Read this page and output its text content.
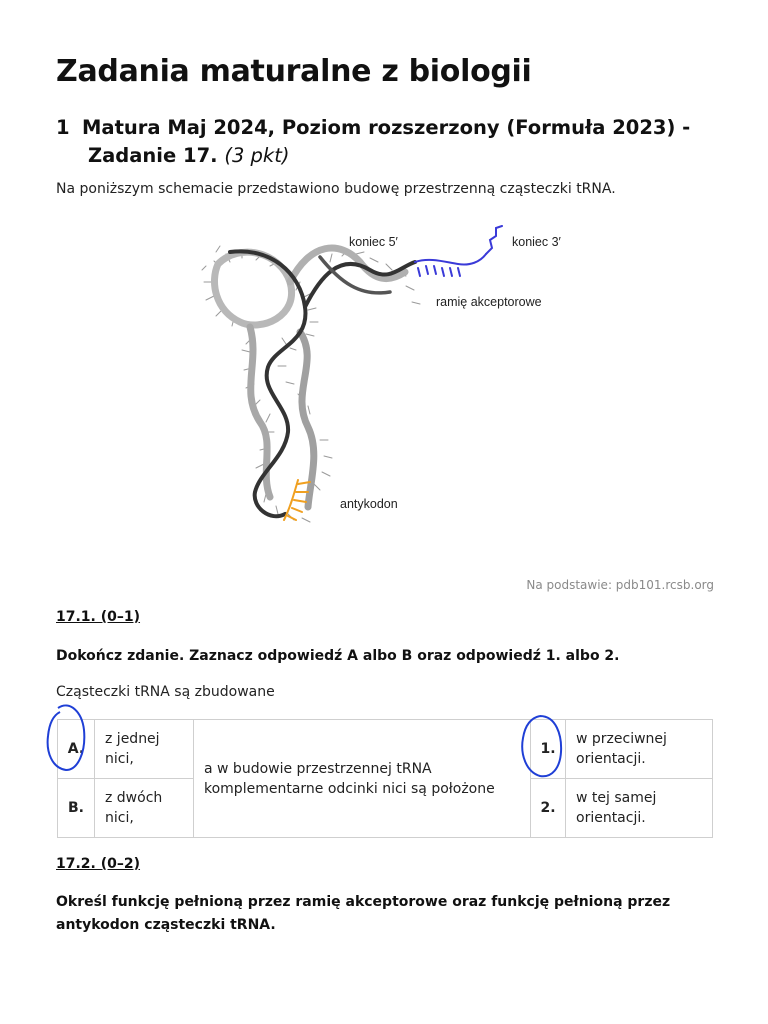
Zadania maturalne z biologii
1 Matura Maj 2024, Poziom rozszerzony (Formuła 2023) -
Zadanie 17. (3 pkt)
Na poniższym schemacie przedstawiono budowę przestrzenną cząsteczki tRNA.
koniec 5′	koniec 3′
ramię akceptorowe
antykodon
Na podstawie: pdb101.rcsb.org
17.1. (0–1)
Dokończ zdanie. Zaznacz odpowiedź A albo B oraz odpowiedź 1. albo 2.
Cząsteczki tRNA są zbudowane
A.	z jednej nici,	a w budowie przestrzennej tRNA komplementarne odcinki nici są położone	1.	w przeciwnej orientacji.
B.	z dwóch nici,		2.	w tej samej orientacji.
17.2. (0–2)
Określ funkcję pełnioną przez ramię akceptorowe oraz funkcję pełnioną przez antykodon cząsteczki tRNA.
